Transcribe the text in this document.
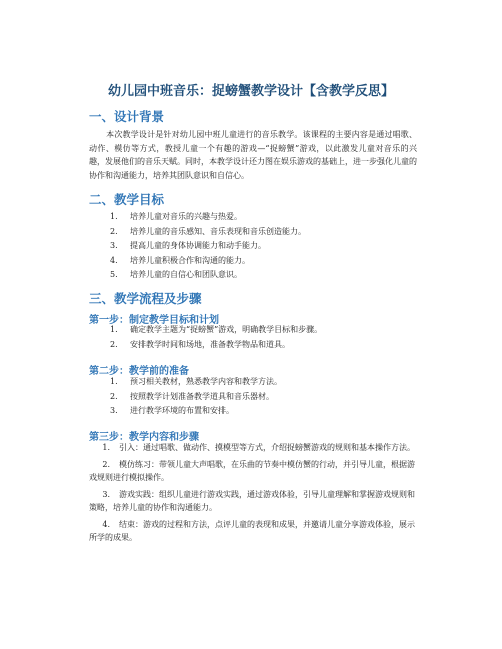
幼儿园中班音乐：捉螃蟹教学设计【含教学反思】
一、设计背景

本次教学设计是针对幼儿园中班儿童进行的音乐教学。该课程的主要内容是通过唱歌、动作、模仿等方式，教授儿童一个有趣的游戏—“捉螃蟹”游戏，以此激发儿童对音乐的兴趣，发展他们的音乐天赋。同时，本教学设计还力图在娱乐游戏的基础上，进一步强化儿童的协作和沟通能力，培养其团队意识和自信心。

二、教学目标
1. 培养儿童对音乐的兴趣与热爱。
2. 培养儿童的音乐感知、音乐表现和音乐创造能力。
3. 提高儿童的身体协调能力和动手能力。
4. 培养儿童积极合作和沟通的能力。
5. 培养儿童的自信心和团队意识。
三、教学流程及步骤
第一步：制定教学目标和计划
1. 确定教学主题为“捉螃蟹”游戏，明确教学目标和步骤。
2. 安排教学时间和场地，准备教学物品和道具。
第二步：教学前的准备
1. 预习相关教材，熟悉教学内容和教学方法。
2. 按照教学计划准备教学道具和音乐器材。
3. 进行教学环境的布置和安排。
第三步：教学内容和步骤
1. 引入：通过唱歌、做动作、摸模型等方式，介绍捉螃蟹游戏的规则和基本操作方法。
2. 模仿练习：带领儿童大声唱歌，在乐曲的节奏中模仿蟹的行动，并引导儿童，根据游戏规则进行模拟操作。
3. 游戏实践：组织儿童进行游戏实践，通过游戏体验，引导儿童理解和掌握游戏规则和策略，培养儿童的协作和沟通能力。
4. 结束：游戏的过程和方法，点评儿童的表现和成果，并邀请儿童分享游戏体验，展示所学的成果。
